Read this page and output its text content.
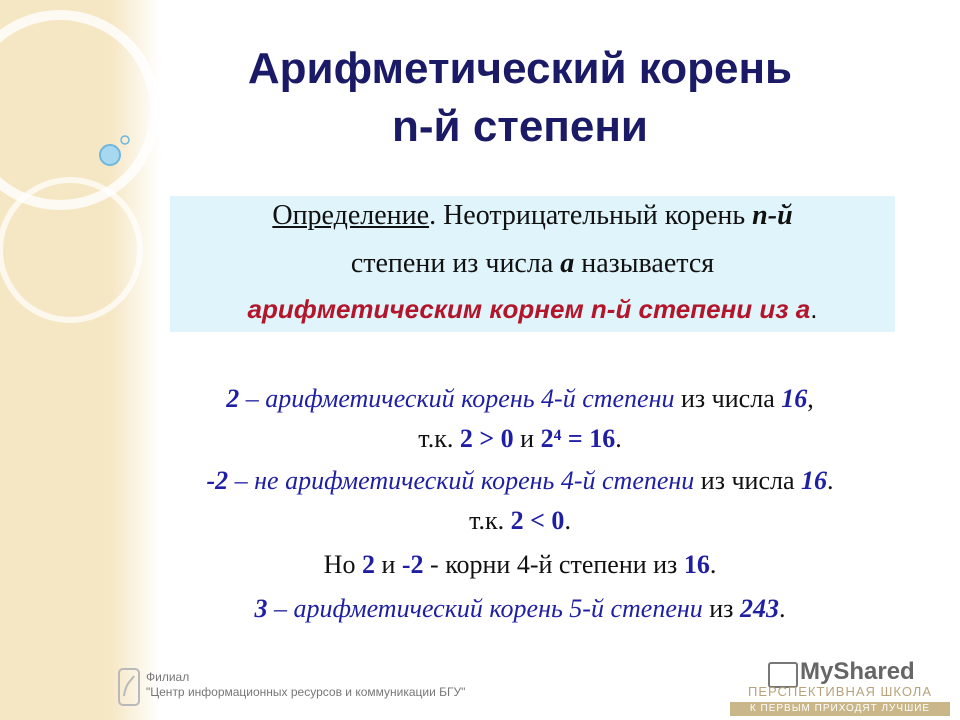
Арифметический корень
n-й степени
Определение. Неотрицательный корень n-й
степени из числа а называется
арифметическим корнем n-й степени из а.
2 – арифметический корень 4-й степени из числа 16,
т.к. 2 > 0 и 2⁴ = 16.
-2 – не арифметический корень 4-й степени из числа 16.
т.к. 2 < 0.
Но 2 и -2 - корни 4-й степени из 16.
3 – арифметический корень 5-й степени из 243.
Филиал
"Центр информационных ресурсов и коммуникации БГУ"
MyShared
ПЕРСПЕКТИВНАЯ ШКОЛА
К ПЕРВЫМ ПРИХОДЯТ ЛУЧШИЕ
